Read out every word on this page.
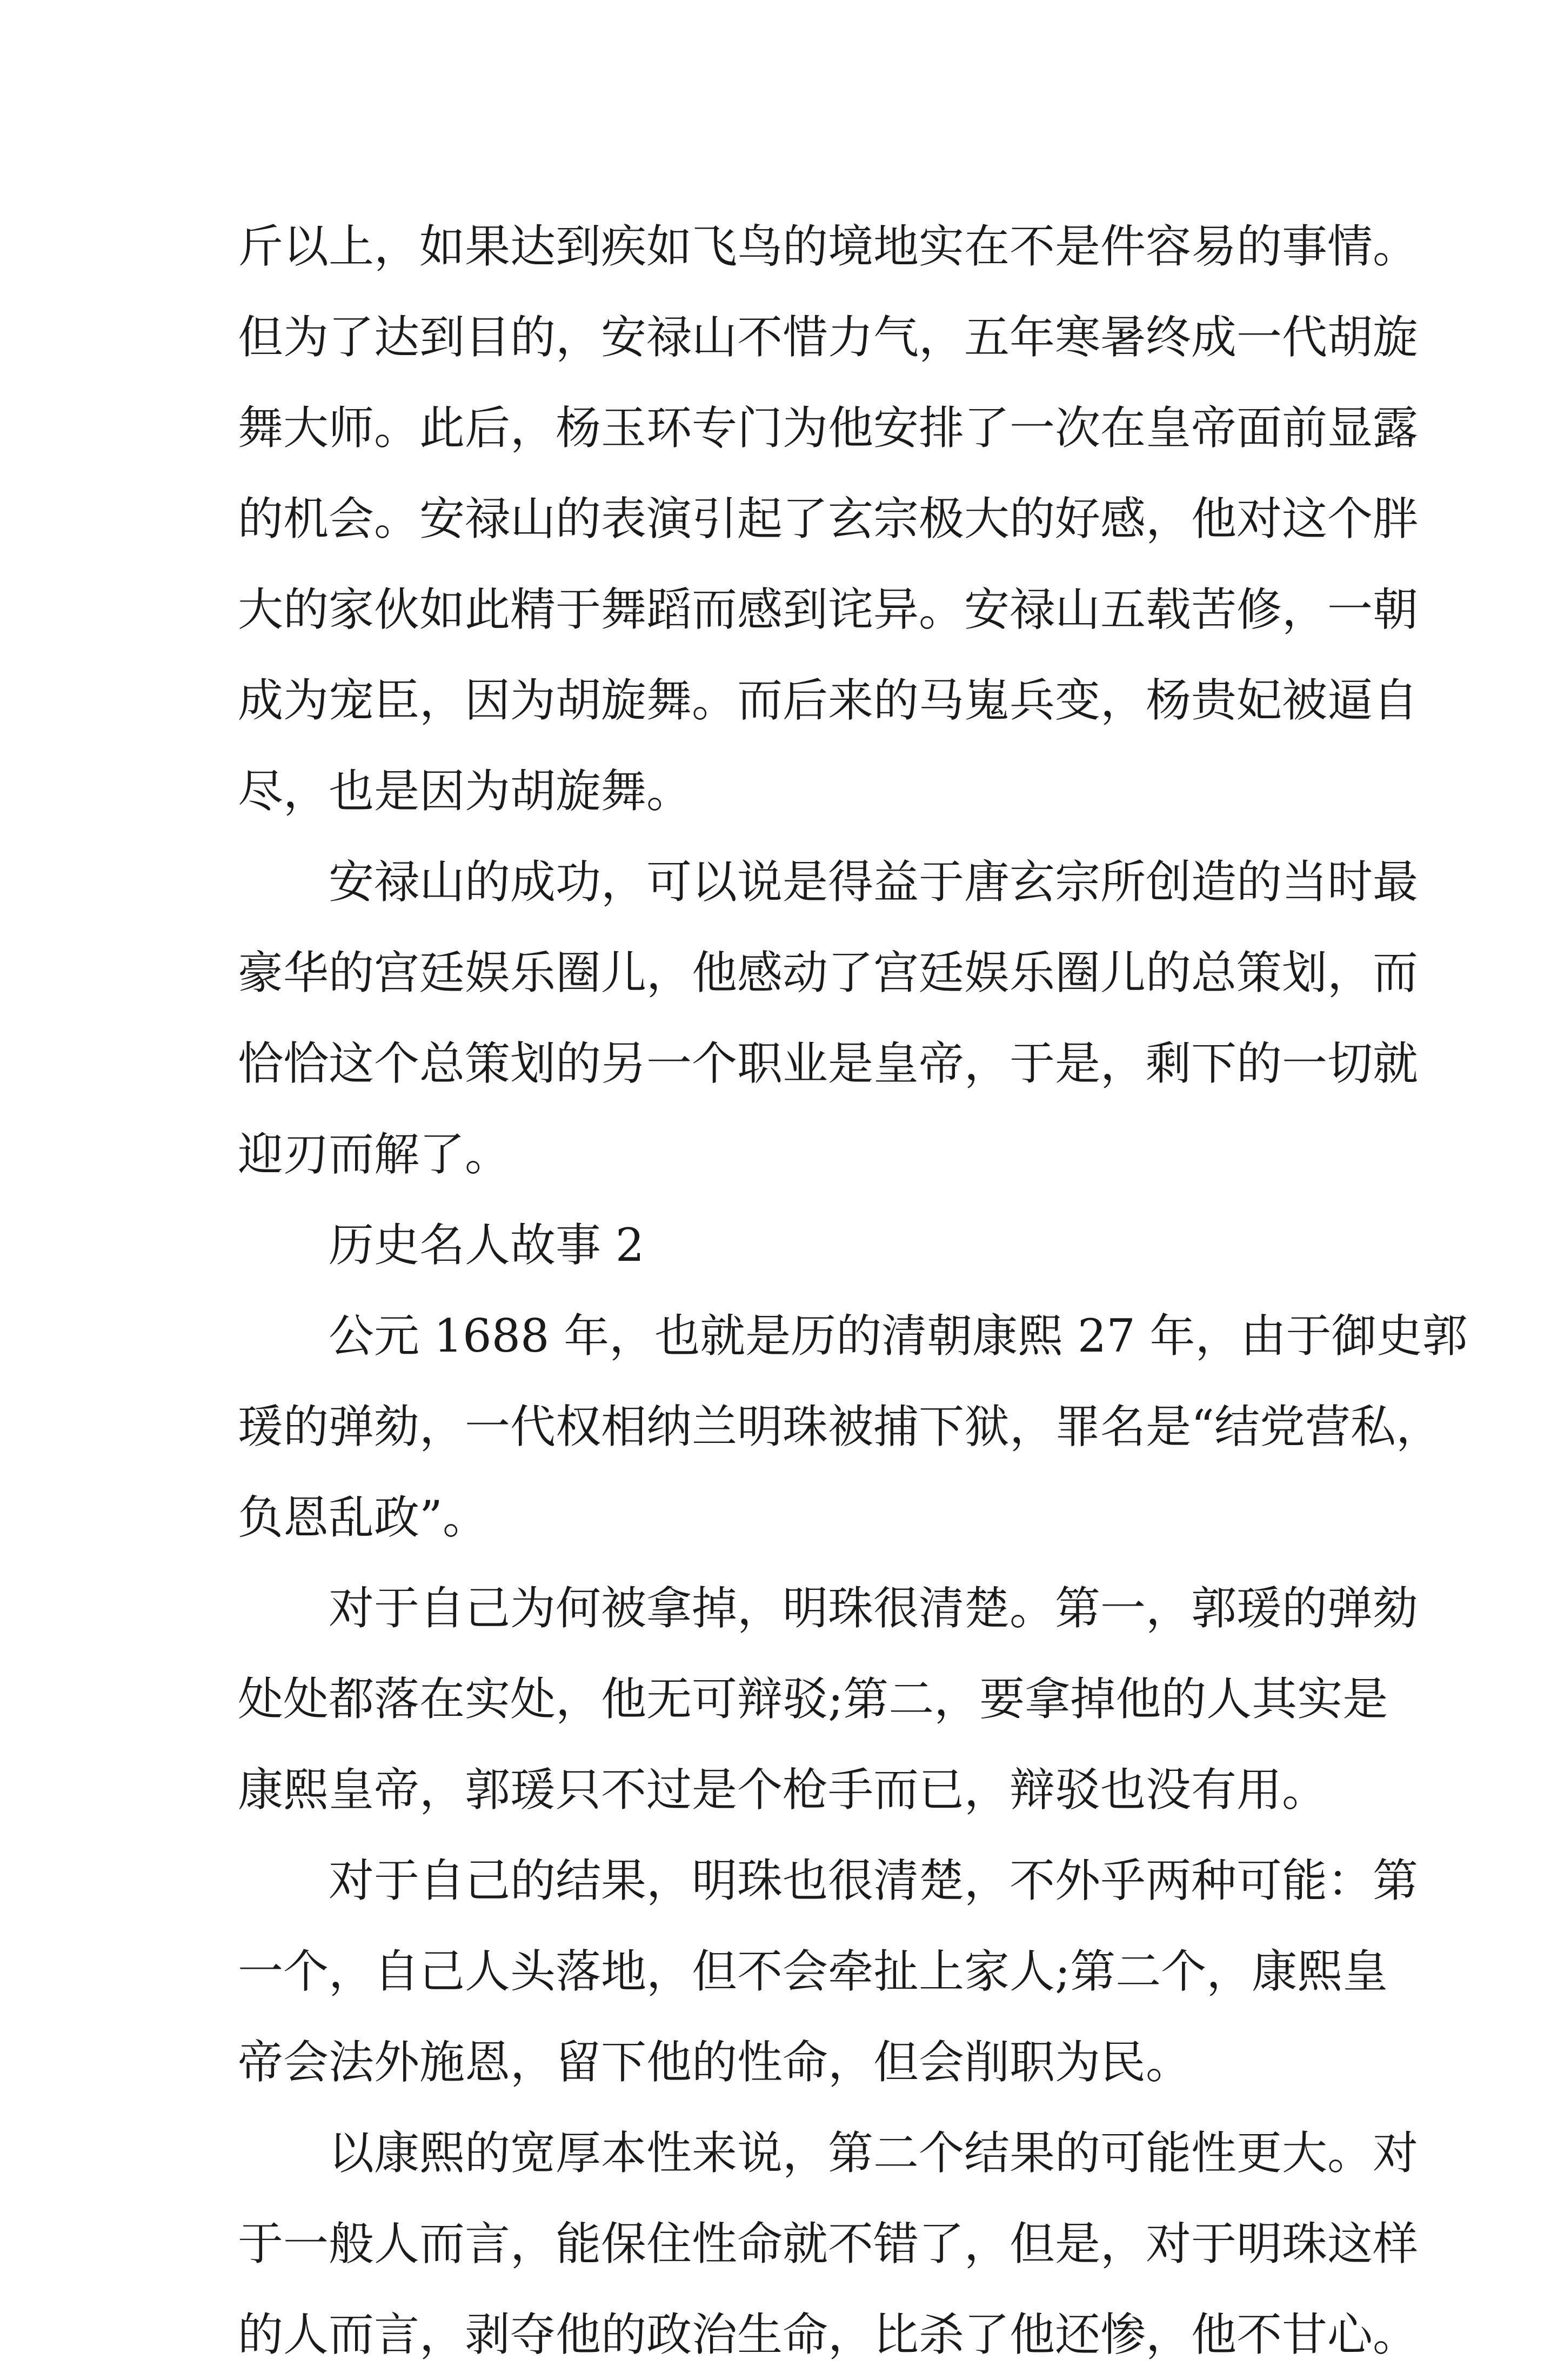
斤以上，如果达到疾如飞鸟的境地实在不是件容易的事情。
但为了达到目的，安禄山不惜力气，五年寒暑终成一代胡旋
舞大师。此后，杨玉环专门为他安排了一次在皇帝面前显露
的机会。安禄山的表演引起了玄宗极大的好感，他对这个胖
大的家伙如此精于舞蹈而感到诧异。安禄山五载苦修，一朝
成为宠臣，因为胡旋舞。而后来的马嵬兵变，杨贵妃被逼自
尽，也是因为胡旋舞。
安禄山的成功，可以说是得益于唐玄宗所创造的当时最
豪华的宫廷娱乐圈儿，他感动了宫廷娱乐圈儿的总策划，而
恰恰这个总策划的另一个职业是皇帝，于是，剩下的一切就
迎刃而解了。
历史名人故事 2
公元 1688 年，也就是历的清朝康熙 27 年，由于御史郭
瑗的弹劾，一代权相纳兰明珠被捕下狱，罪名是“结党营私，
负恩乱政”。
对于自己为何被拿掉，明珠很清楚。第一，郭瑗的弹劾
处处都落在实处，他无可辩驳;第二，要拿掉他的人其实是
康熙皇帝，郭瑗只不过是个枪手而已，辩驳也没有用。
对于自己的结果，明珠也很清楚，不外乎两种可能：第
一个，自己人头落地，但不会牵扯上家人;第二个，康熙皇
帝会法外施恩，留下他的性命，但会削职为民。
以康熙的宽厚本性来说，第二个结果的可能性更大。对
于一般人而言，能保住性命就不错了，但是，对于明珠这样
的人而言，剥夺他的政治生命，比杀了他还惨，他不甘心。
